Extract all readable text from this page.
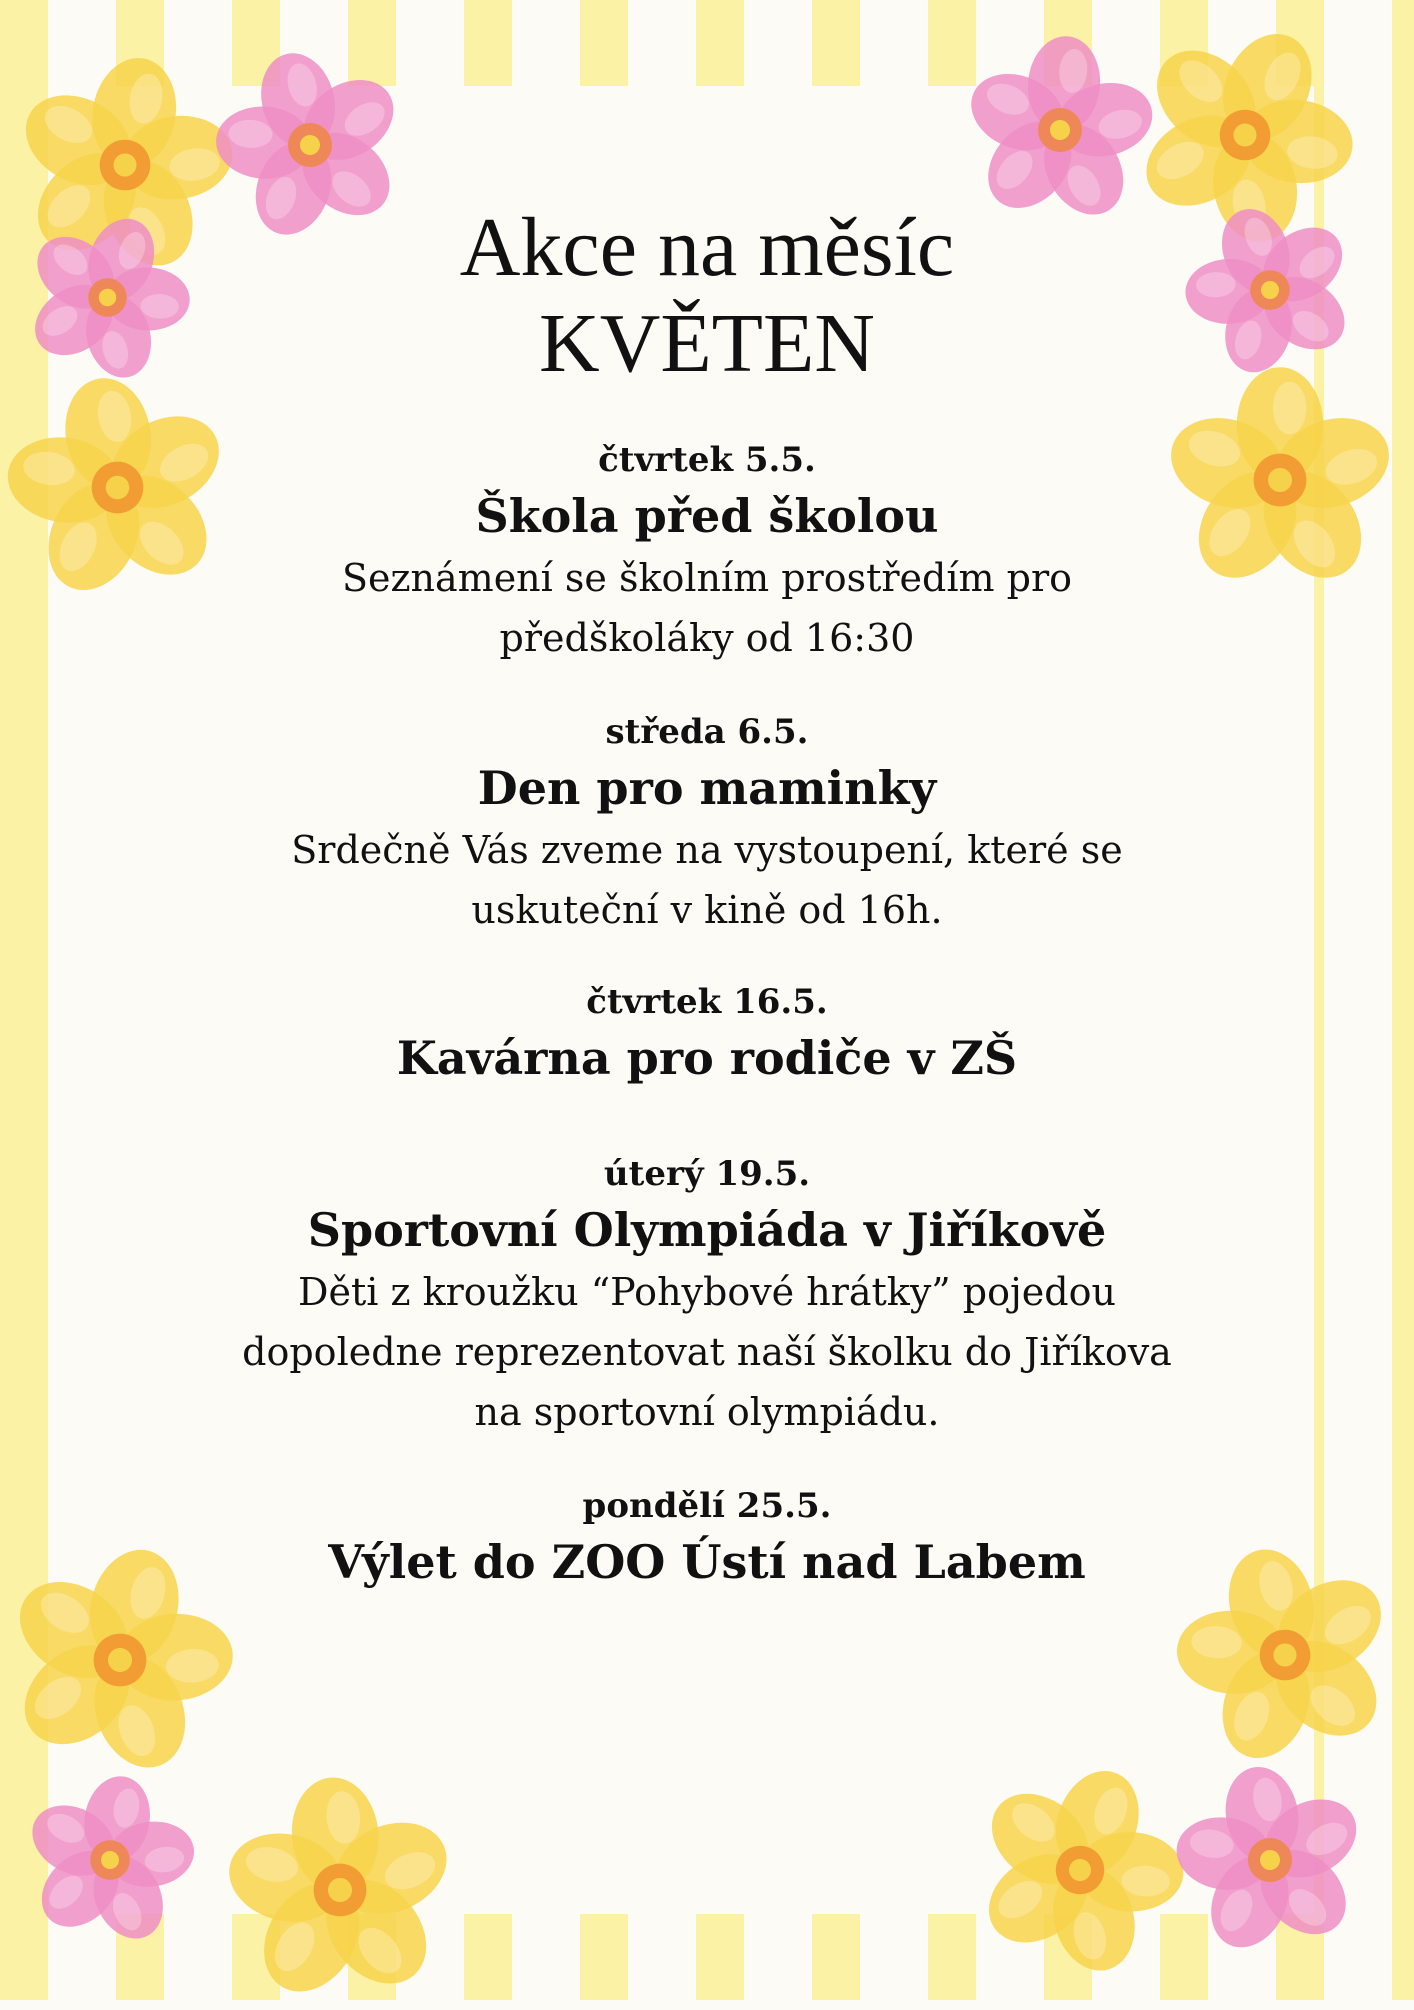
Akce na měsíc
KVĚTEN

čtvrtek 5.5.

Škola před školou

Seznámení se školním prostředím pro
předškoláky od 16:30

středa 6.5.

Den pro maminky

Srdečně Vás zveme na vystoupení, které se
uskuteční v kině od 16h.

čtvrtek 16.5.

Kavárna pro rodiče v ZŠ

úterý 19.5.

Sportovní Olympiáda v Jiříkově

Děti z kroužku “Pohybové hrátky” pojedou
dopoledne reprezentovat naší školku do Jiříkova
na sportovní olympiádu.

pondělí 25.5.

Výlet do ZOO Ústí nad Labem
